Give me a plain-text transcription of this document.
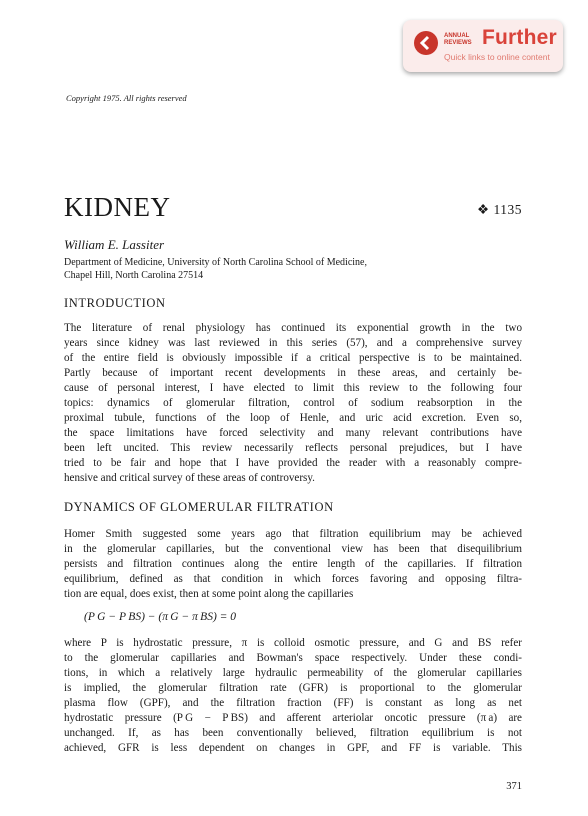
ANNUAL REVIEWS Further
Quick links to online content
Copyright 1975. All rights reserved
KIDNEY	❖ 1135
William E. Lassiter
Department of Medicine, University of North Carolina School of Medicine,
Chapel Hill, North Carolina 27514
INTRODUCTION
The literature of renal physiology has continued its exponential growth in the two
years since kidney was last reviewed in this series (57), and a comprehensive survey
of the entire field is obviously impossible if a critical perspective is to be maintained.
Partly because of important recent developments in these areas, and certainly be-
cause of personal interest, I have elected to limit this review to the following four
topics: dynamics of glomerular filtration, control of sodium reabsorption in the
proximal tubule, functions of the loop of Henle, and uric acid excretion. Even so,
the space limitations have forced selectivity and many relevant contributions have
been left uncited. This review necessarily reflects personal prejudices, but I have
tried to be fair and hope that I have provided the reader with a reasonably compre-
hensive and critical survey of these areas of controversy.
DYNAMICS OF GLOMERULAR FILTRATION
Homer Smith suggested some years ago that filtration equilibrium may be achieved
in the glomerular capillaries, but the conventional view has been that disequilibrium
persists and filtration continues along the entire length of the capillaries. If filtration
equilibrium, defined as that condition in which forces favoring and opposing filtra-
tion are equal, does exist, then at some point along the capillaries
(P G − P BS) − (π G − π BS) = 0
where P is hydrostatic pressure, π is colloid osmotic pressure, and G and BS refer
to the glomerular capillaries and Bowman's space respectively. Under these condi-
tions, in which a relatively large hydraulic permeability of the glomerular capillaries
is implied, the glomerular filtration rate (GFR) is proportional to the glomerular
plasma flow (GPF), and the filtration fraction (FF) is constant as long as net
hydrostatic pressure (P G − P BS) and afferent arteriolar oncotic pressure (π a) are
unchanged. If, as has been conventionally believed, filtration equilibrium is not
achieved, GFR is less dependent on changes in GPF, and FF is variable. This
371
